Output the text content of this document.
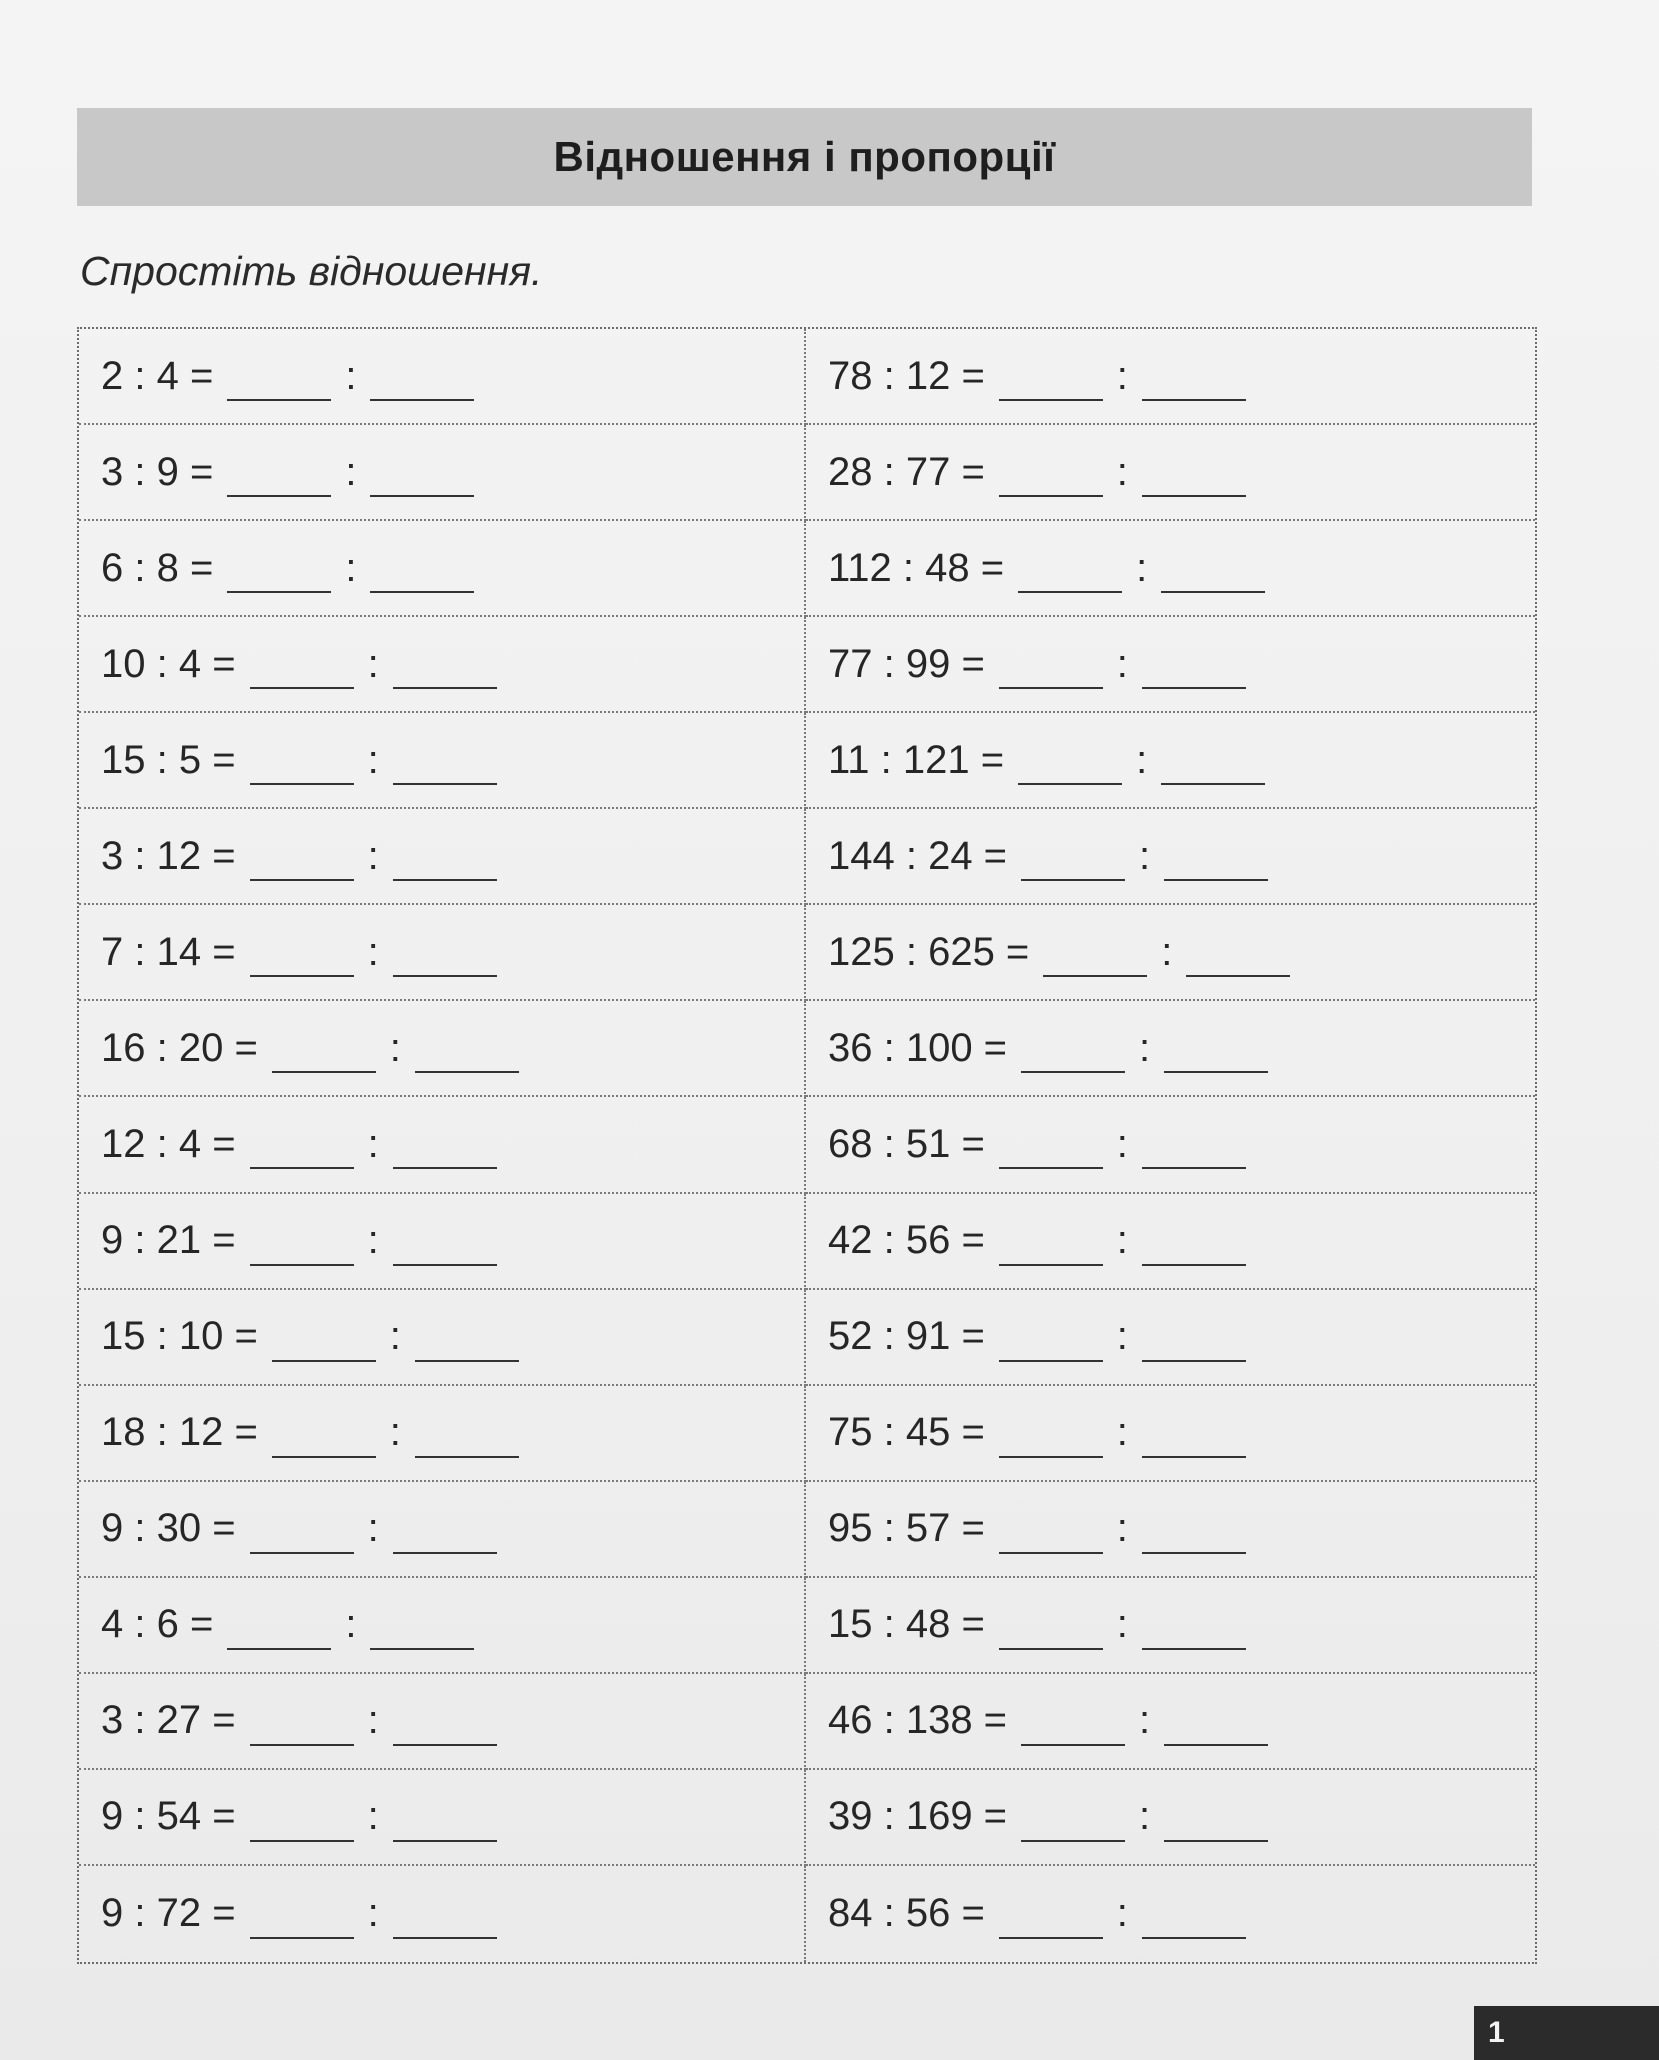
Відношення і пропорції
Спростіть відношення.
2 : 4 =	:	78 : 12 =	:
3 : 9 =	:	28 : 77 =	:
6 : 8 =	:	112 : 48 =	:
10 : 4 =	:	77 : 99 =	:
15 : 5 =	:	11 : 121 =	:
3 : 12 =	:	144 : 24 =	:
7 : 14 =	:	125 : 625 =	:
16 : 20 =	:	36 : 100 =	:
12 : 4 =	:	68 : 51 =	:
9 : 21 =	:	42 : 56 =	:
15 : 10 =	:	52 : 91 =	:
18 : 12 =	:	75 : 45 =	:
9 : 30 =	:	95 : 57 =	:
4 : 6 =	:	15 : 48 =	:
3 : 27 =	:	46 : 138 =	:
9 : 54 =	:	39 : 169 =	:
9 : 72 =	:	84 : 56 =	:
1
